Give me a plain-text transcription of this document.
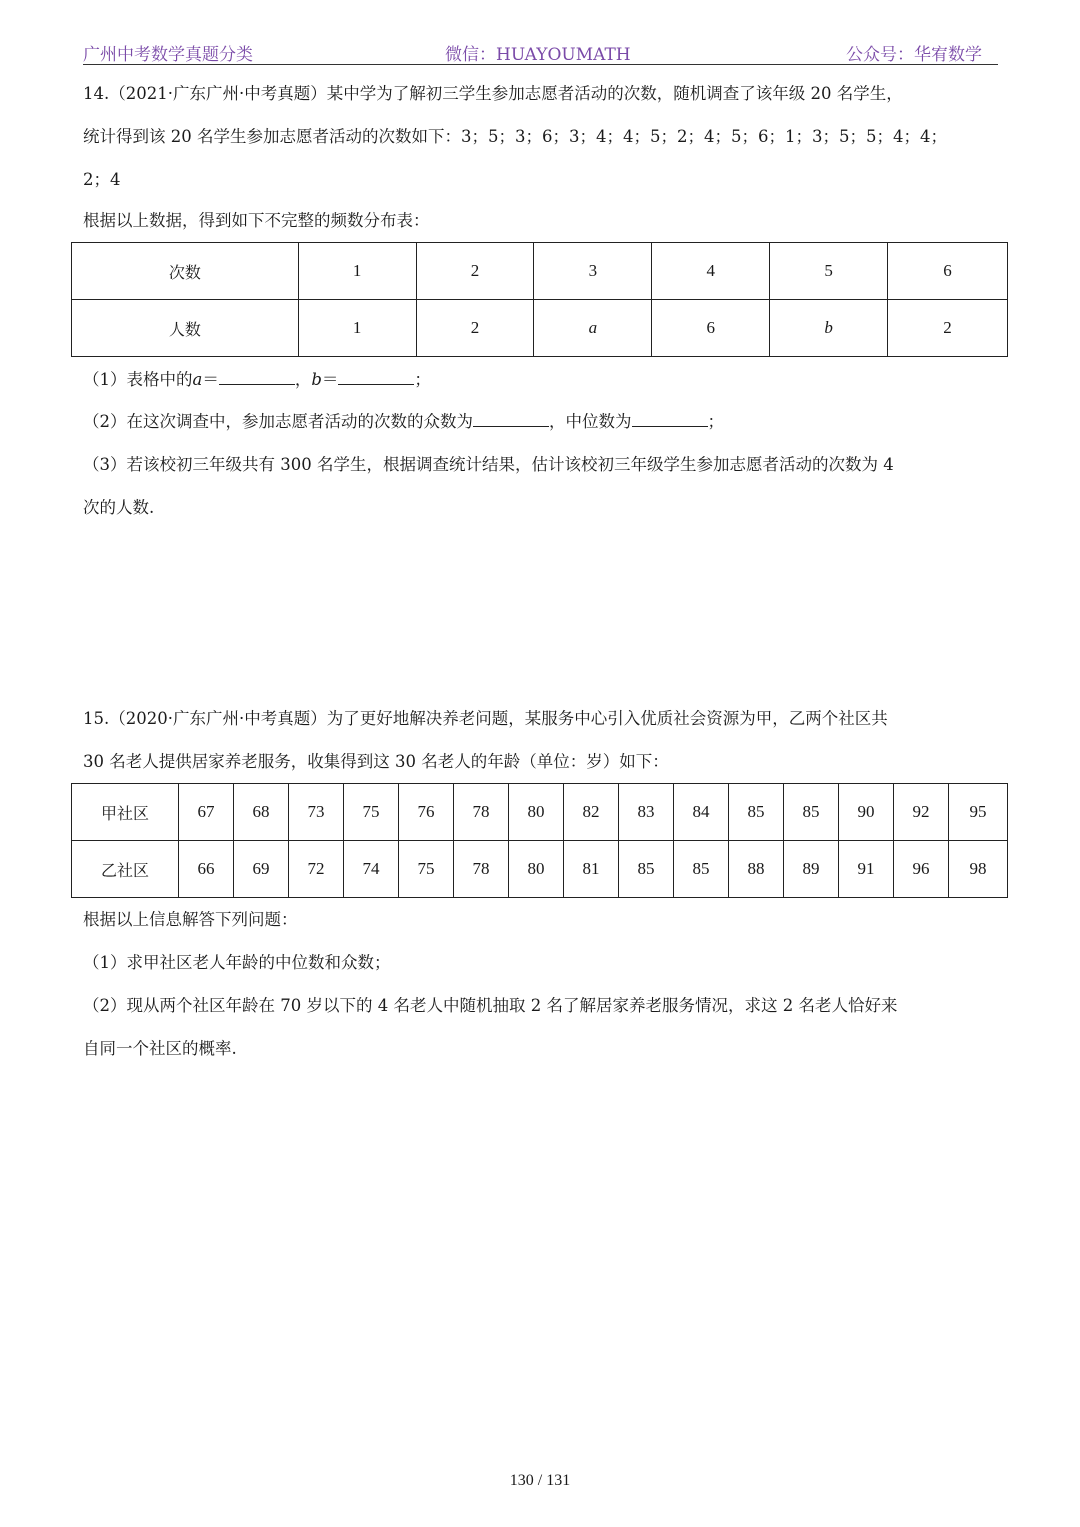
广州中考数学真题分类	微信：HUAYOUMATH	公众号：华宥数学
14.（2021·广东广州·中考真题）某中学为了解初三学生参加志愿者活动的次数，随机调查了该年级 20 名学生，
统计得到该 20 名学生参加志愿者活动的次数如下：3；5；3；6；3；4；4；5；2；4；5；6；1；3；5；5；4；4；
2；4
根据以上数据，得到如下不完整的频数分布表：
次数	1	2	3	4	5	6
人数	1	2	a	6	b	2
（1）表格中的a＝	，b＝	；
（2）在这次调查中，参加志愿者活动的次数的众数为	，中位数为	；
（3）若该校初三年级共有 300 名学生，根据调查统计结果，估计该校初三年级学生参加志愿者活动的次数为 4
次的人数.
15.（2020·广东广州·中考真题）为了更好地解决养老问题，某服务中心引入优质社会资源为甲，乙两个社区共
30 名老人提供居家养老服务，收集得到这 30 名老人的年龄（单位：岁）如下：
甲社区	67	68	73	75	76	78	80	82	83	84	85	85	90	92	95
乙社区	66	69	72	74	75	78	80	81	85	85	88	89	91	96	98
根据以上信息解答下列问题：
（1）求甲社区老人年龄的中位数和众数；
（2）现从两个社区年龄在 70 岁以下的 4 名老人中随机抽取 2 名了解居家养老服务情况，求这 2 名老人恰好来
自同一个社区的概率.
130 / 131
